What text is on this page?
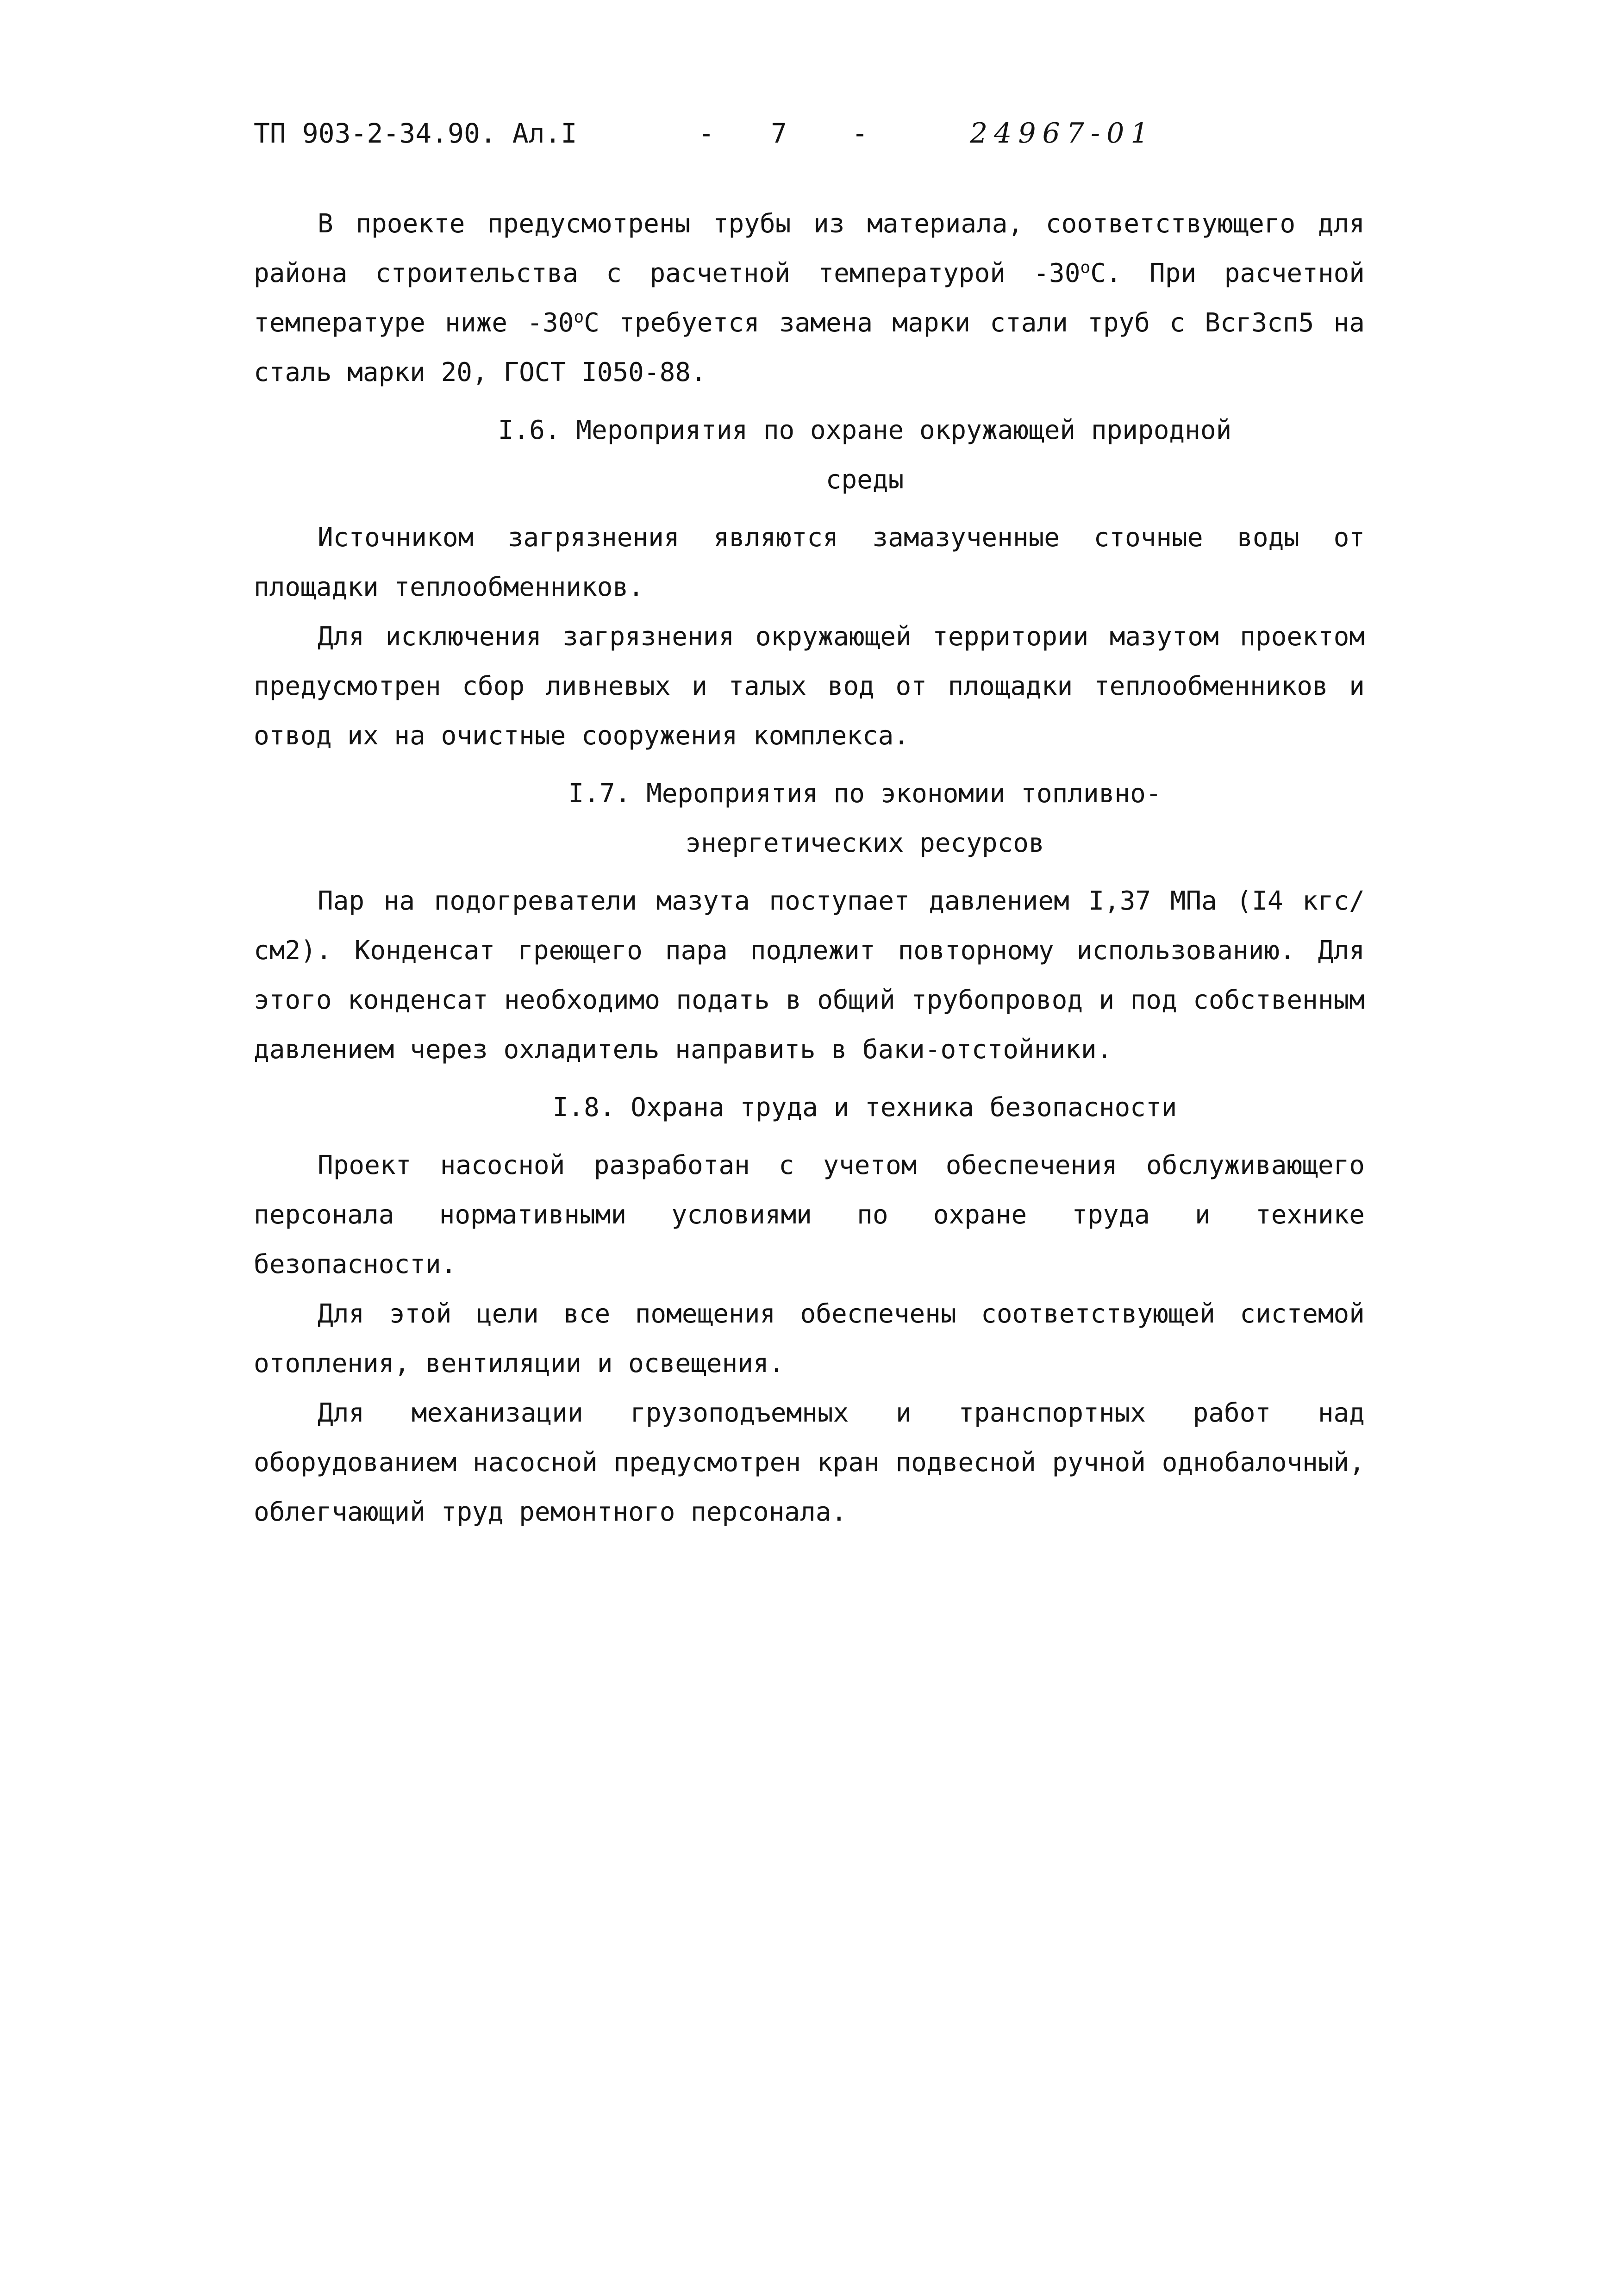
ТП 903-2-34.90. Ал.I	- 7 -	24967-01

В проекте предусмотрены трубы из материала, соответствующего для района строительства с расчетной температурой $-30^оС$. При расчетной температуре ниже $-30^оС$ требуется замена марки стали труб с ВсгЗсп5 на сталь марки 20, ГОСТ I050-88.

I.6. Мероприятия по охране окружающей природной среды

Источником загрязнения являются замазученные сточные воды от площадки теплообменников.

Для исключения загрязнения окружающей территории мазутом проектом предусмотрен сбор ливневых и талых вод от площадки теплообменников и отвод их на очистные сооружения комплекса.

I.7. Мероприятия по экономии топливно-энергетических ресурсов

Пар на подогреватели мазута поступает давлением I,37 МПа (I4 кгс/см2). Конденсат греющего пара подлежит повторному использованию. Для этого конденсат необходимо подать в общий трубопровод и под собственным давлением через охладитель направить в баки-отстойники.

I.8. Охрана труда и техника безопасности

Проект насосной разработан с учетом обеспечения обслуживающего персонала нормативными условиями по охране труда и технике безопасности.

Для этой цели все помещения обеспечены соответствующей системой отопления, вентиляции и освещения.

Для механизации грузоподъемных и транспортных работ над оборудованием насосной предусмотрен кран подвесной ручной однобалочный, облегчающий труд ремонтного персонала.
